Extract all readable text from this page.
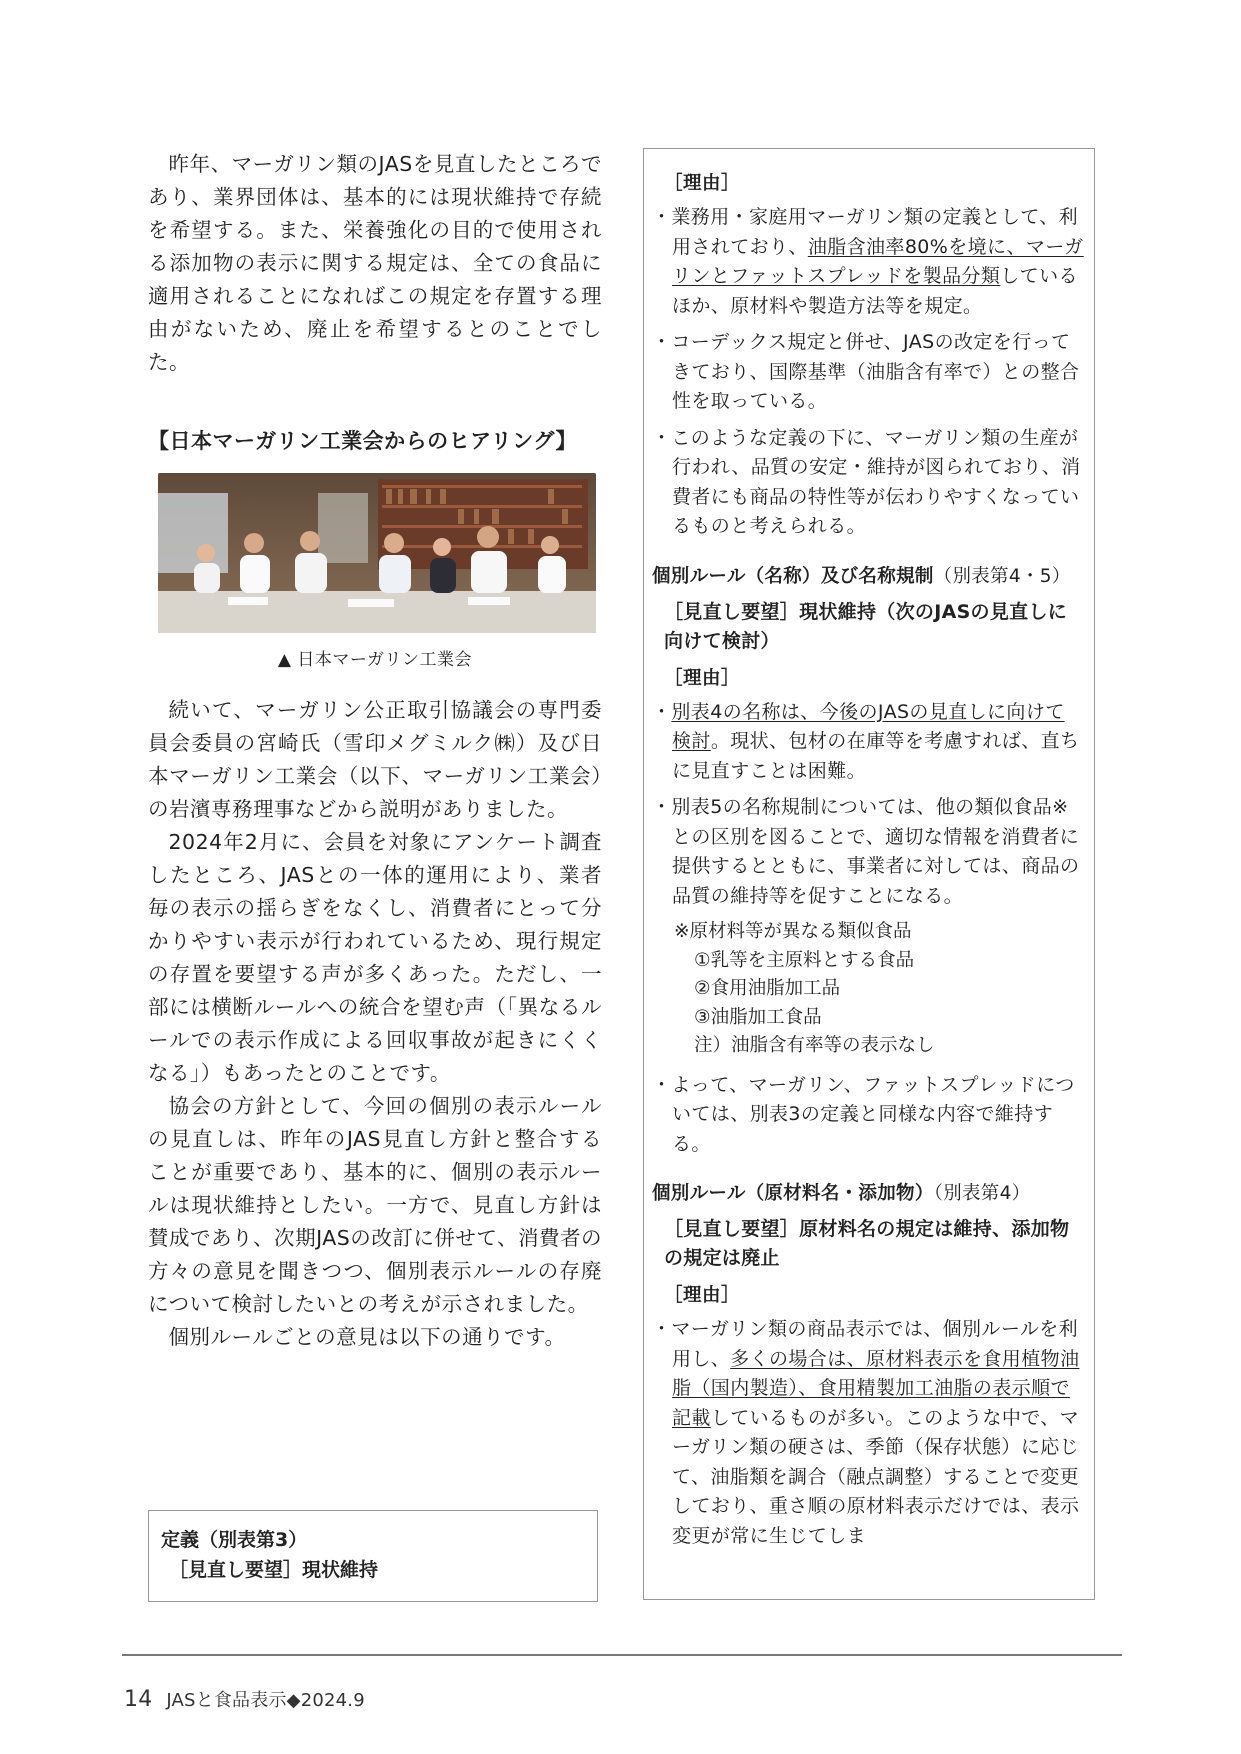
昨年、マーガリン類のJASを見直したところであり、業界団体は、基本的には現状維持で存続を希望する。また、栄養強化の目的で使用される添加物の表示に関する規定は、全ての食品に適用されることになればこの規定を存置する理由がないため、廃止を希望するとのことでした。

【日本マーガリン工業会からのヒアリング】
▲ 日本マーガリン工業会

続いて、マーガリン公正取引協議会の専門委員会委員の宮崎氏（雪印メグミルク㈱）及び日本マーガリン工業会（以下、マーガリン工業会）の岩濱専務理事などから説明がありました。

2024年2月に、会員を対象にアンケート調査したところ、JASとの一体的運用により、業者毎の表示の揺らぎをなくし、消費者にとって分かりやすい表示が行われているため、現行規定の存置を要望する声が多くあった。ただし、一部には横断ルールへの統合を望む声（「異なるルールでの表示作成による回収事故が起きにくくなる」）もあったとのことです。

協会の方針として、今回の個別の表示ルールの見直しは、昨年のJAS見直し方針と整合することが重要であり、基本的に、個別の表示ルールは現状維持としたい。一方で、見直し方針は賛成であり、次期JASの改訂に併せて、消費者の方々の意見を聞きつつ、個別表示ルールの存廃について検討したいとの考えが示されました。

個別ルールごとの意見は以下の通りです。

定義（別表第3）
［見直し要望］現状維持
［理由］
・業務用・家庭用マーガリン類の定義として、利用されており、油脂含油率80%を境に、マーガリンとファットスプレッドを製品分類しているほか、原材料や製造方法等を規定。
・コーデックス規定と併せ、JASの改定を行ってきており、国際基準（油脂含有率で）との整合性を取っている。
・このような定義の下に、マーガリン類の生産が行われ、品質の安定・維持が図られており、消費者にも商品の特性等が伝わりやすくなっているものと考えられる。
個別ルール（名称）及び名称規制（別表第4・5）
［見直し要望］現状維持（次のJASの見直しに向けて検討）
［理由］
・別表4の名称は、今後のJASの見直しに向けて検討。現状、包材の在庫等を考慮すれば、直ちに見直すことは困難。
・別表5の名称規制については、他の類似食品※との区別を図ることで、適切な情報を消費者に提供するとともに、事業者に対しては、商品の品質の維持等を促すことになる。
※原材料等が異なる類似食品
①乳等を主原料とする食品
②食用油脂加工品
③油脂加工食品
注）油脂含有率等の表示なし
・よって、マーガリン、ファットスプレッドについては、別表3の定義と同様な内容で維持する。
個別ルール（原材料名・添加物）（別表第4）
［見直し要望］原材料名の規定は維持、添加物の規定は廃止
［理由］
・マーガリン類の商品表示では、個別ルールを利用し、多くの場合は、原材料表示を食用植物油脂（国内製造）、食用精製加工油脂の表示順で記載しているものが多い。このような中で、マーガリン類の硬さは、季節（保存状態）に応じて、油脂類を調合（融点調整）することで変更しており、重さ順の原材料表示だけでは、表示変更が常に生じてしま
14 JASと食品表示◆2024.9
